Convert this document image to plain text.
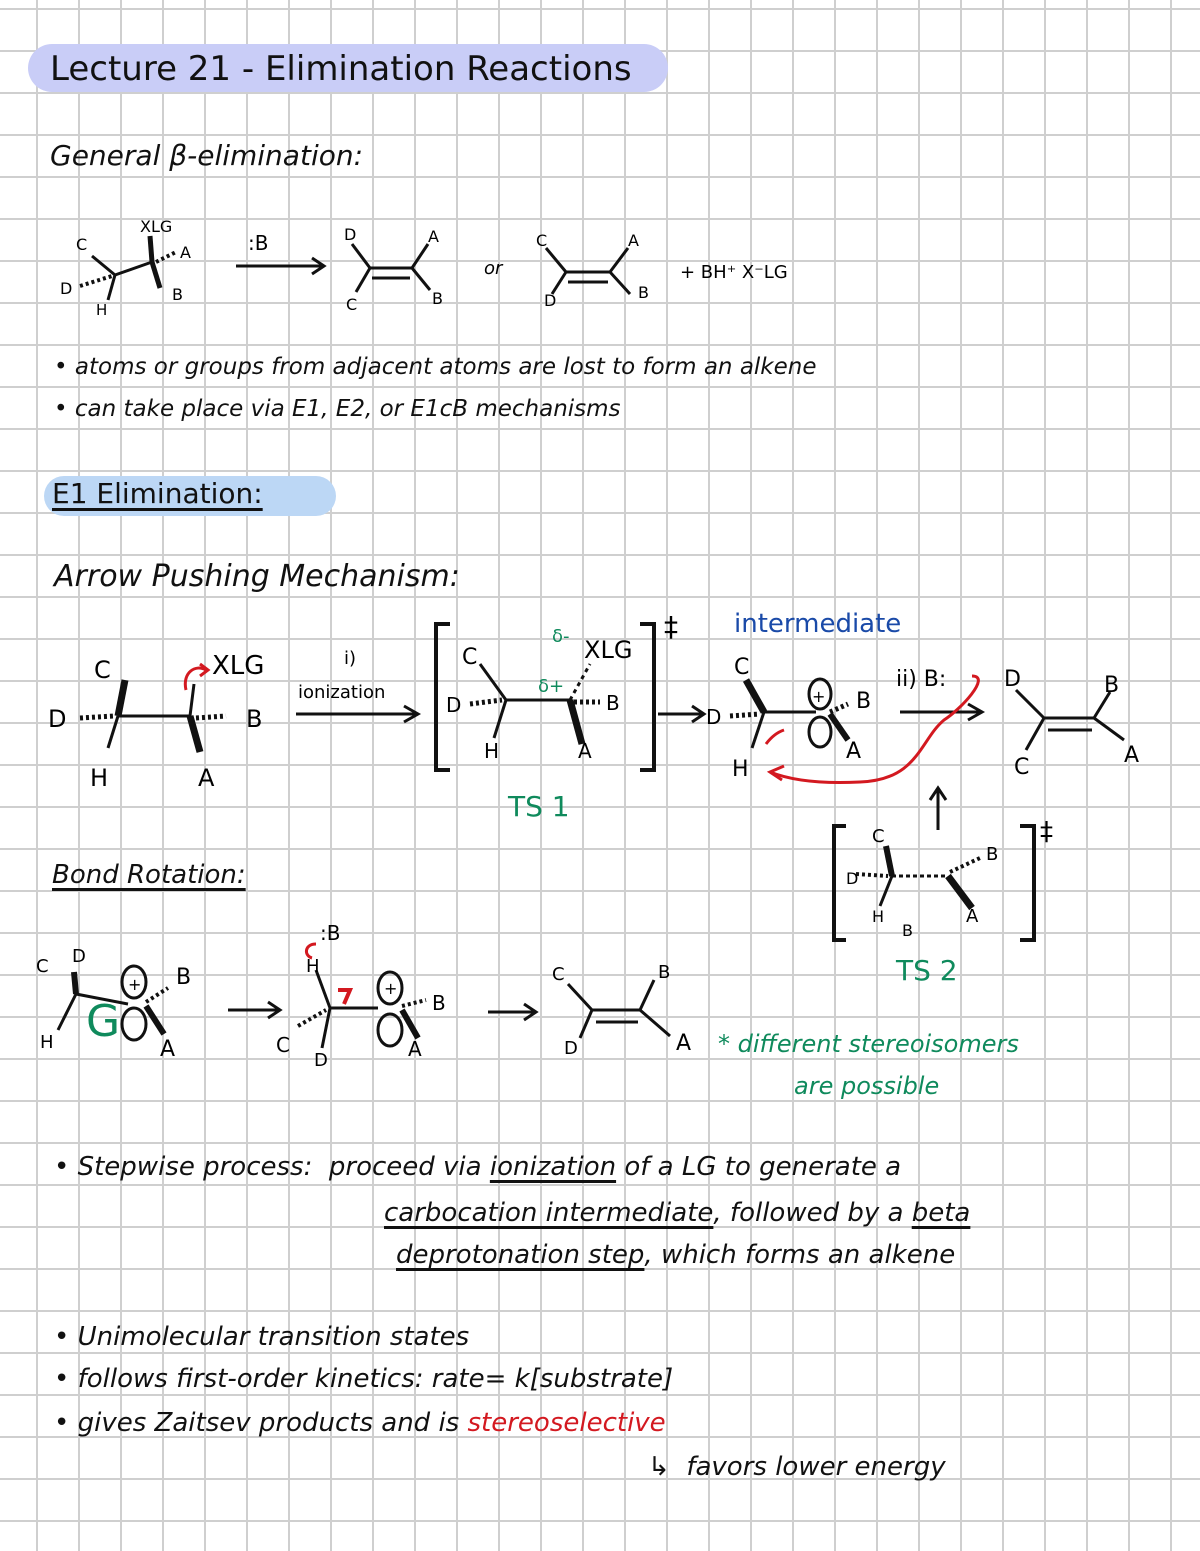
Lecture 21 - Elimination Reactions
General β-elimination:
C
D
H
XLG
A
B
:B	D	A
C	B
or
C	A
D	B
+ BH⁺ X⁻LG
C
D
H
XLG
B
A
i)
ionization
‡
C
D
H
δ- XLG
δ+
B
A
TS 1
intermediate
C
D
H
+ B
A
ii) B:	D	B
C	A
‡
C
D
H
B
B
A
TS 2
C D
H G
+ B
A
:B
H
C
D
+
B
A
C	B
D	A
• atoms or groups from adjacent atoms are lost to form an alkene
• can take place via E1, E2, or E1cB mechanisms
E1 Elimination:
Arrow Pushing Mechanism:
Bond Rotation:
* different stereoisomers
are possible
• Stepwise process: proceed via ionization of a LG to generate a
carbocation intermediate, followed by a beta
deprotonation step, which forms an alkene
• Unimolecular transition states
• follows first-order kinetics: rate= k[substrate]
• gives Zaitsev products and is stereoselective
↳ favors lower energy
